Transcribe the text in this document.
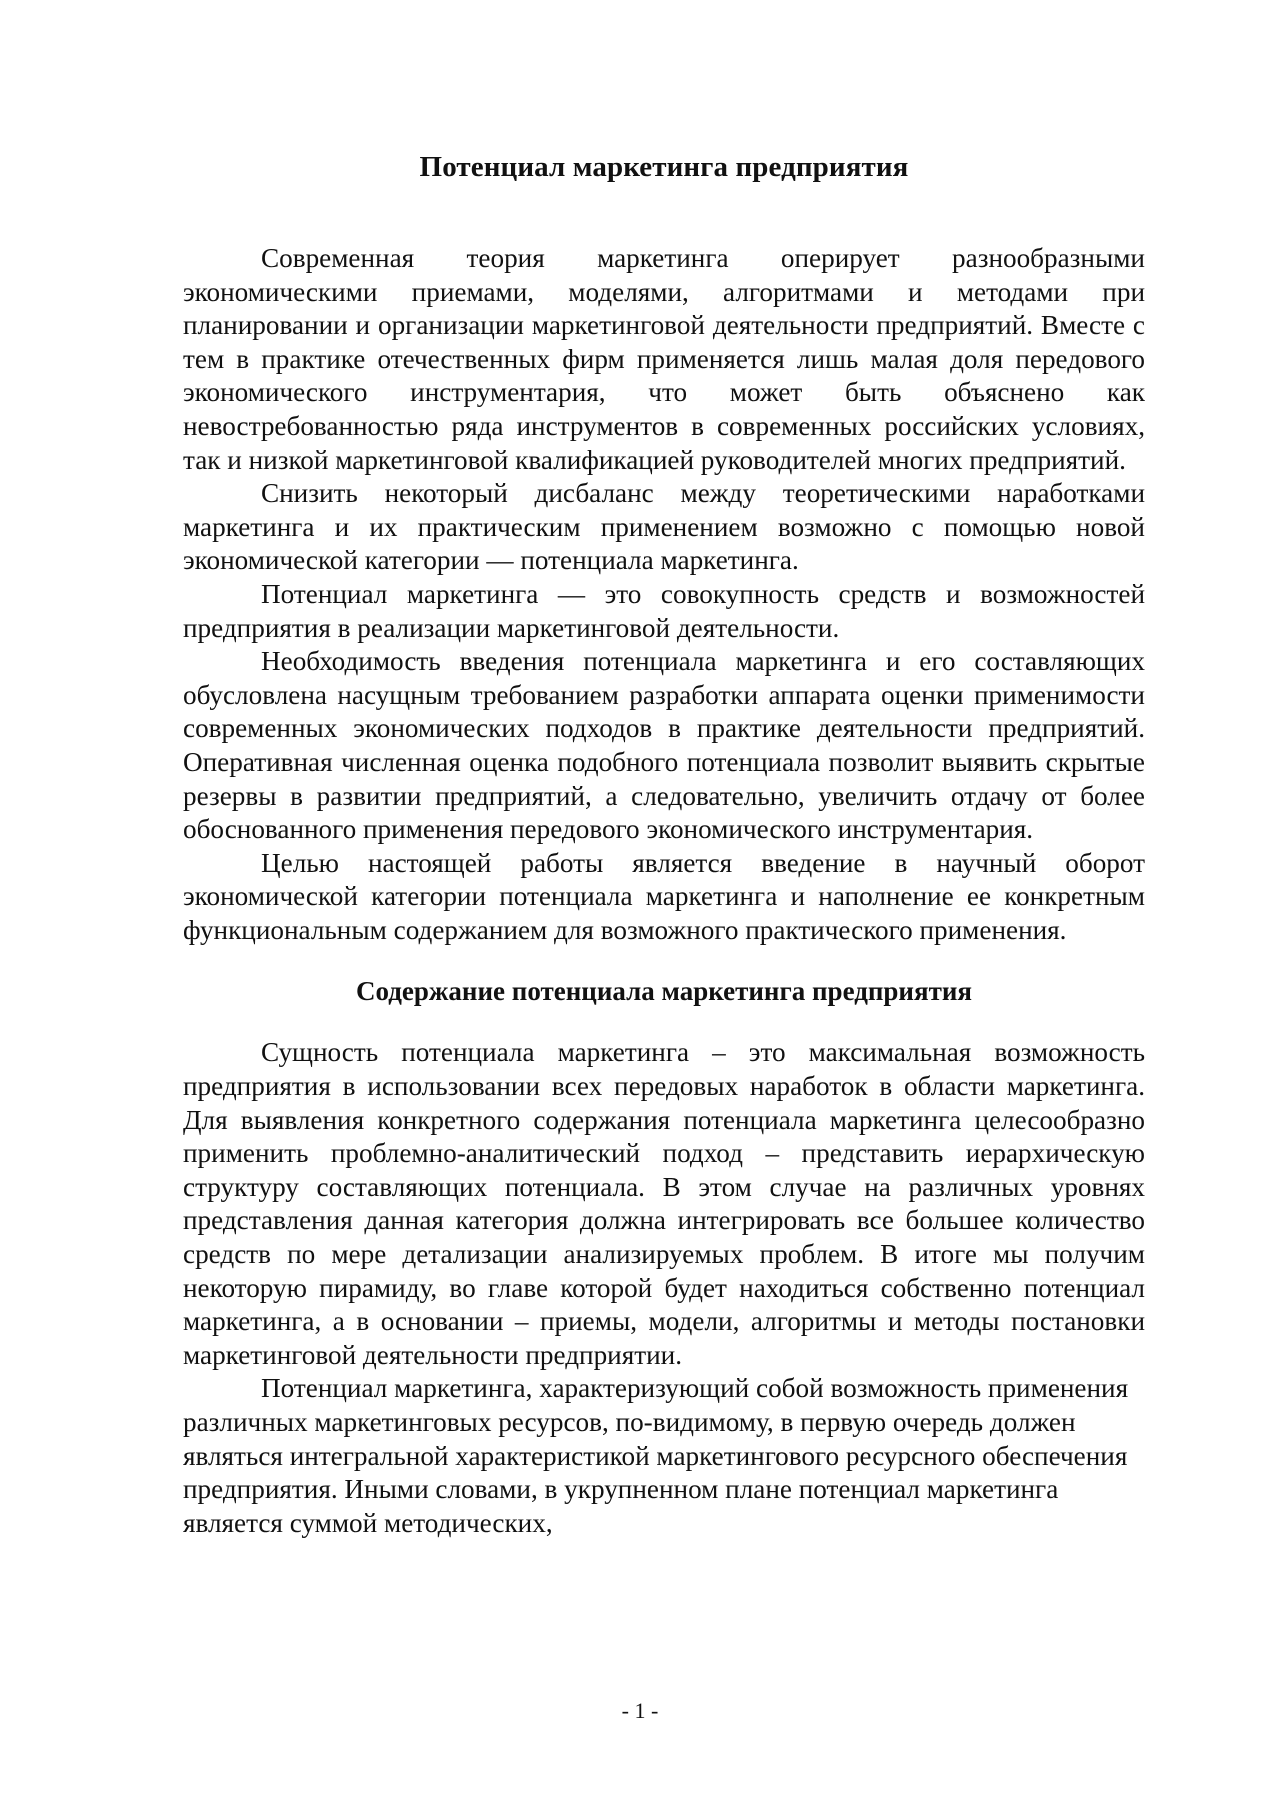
Потенциал маркетинга предприятия

Современная теория маркетинга оперирует разнообразными экономическими приемами, моделями, алгоритмами и методами при планировании и организации маркетинговой деятельности предприятий. Вместе с тем в практике отечественных фирм применяется лишь малая доля передового экономического инструментария, что может быть объяснено как невостребованностью ряда инструментов в современных российских условиях, так и низкой маркетинговой квалификацией руководителей многих предприятий.

Снизить некоторый дисбаланс между теоретическими наработками маркетинга и их практическим применением возможно с помощью новой экономической категории — потенциала маркетинга.

Потенциал маркетинга — это совокупность средств и возможностей предприятия в реализации маркетинговой деятельности.

Необходимость введения потенциала маркетинга и его составляющих обусловлена насущным требованием разработки аппарата оценки применимости современных экономических подходов в практике деятельности предприятий. Оперативная численная оценка подобного потенциала позволит выявить скрытые резервы в развитии предприятий, а следовательно, увеличить отдачу от более обоснованного применения передового экономического инструментария.

Целью настоящей работы является введение в научный оборот экономической категории потенциала маркетинга и наполнение ее конкретным функциональным содержанием для возможного практического применения.

Содержание потенциала маркетинга предприятия

Сущность потенциала маркетинга – это максимальная возможность предприятия в использовании всех передовых наработок в области маркетинга. Для выявления конкретного содержания потенциала маркетинга целесообразно применить проблемно-аналитический подход – представить иерархическую структуру составляющих потенциала. В этом случае на различных уровнях представления данная категория должна интегрировать все большее количество средств по мере детализации анализируемых проблем. В итоге мы получим некоторую пирамиду, во главе которой будет находиться собственно потенциал маркетинга, а в основании – приемы, модели, алгоритмы и методы постановки маркетинговой деятельности предприятии.

Потенциал маркетинга, характеризующий собой возможность применения различных маркетинговых ресурсов, по-видимому, в первую очередь должен являться интегральной характеристикой маркетингового ресурсного обеспечения предприятия. Иными словами, в укрупненном плане потенциал маркетинга является суммой методических,

- 1 -
